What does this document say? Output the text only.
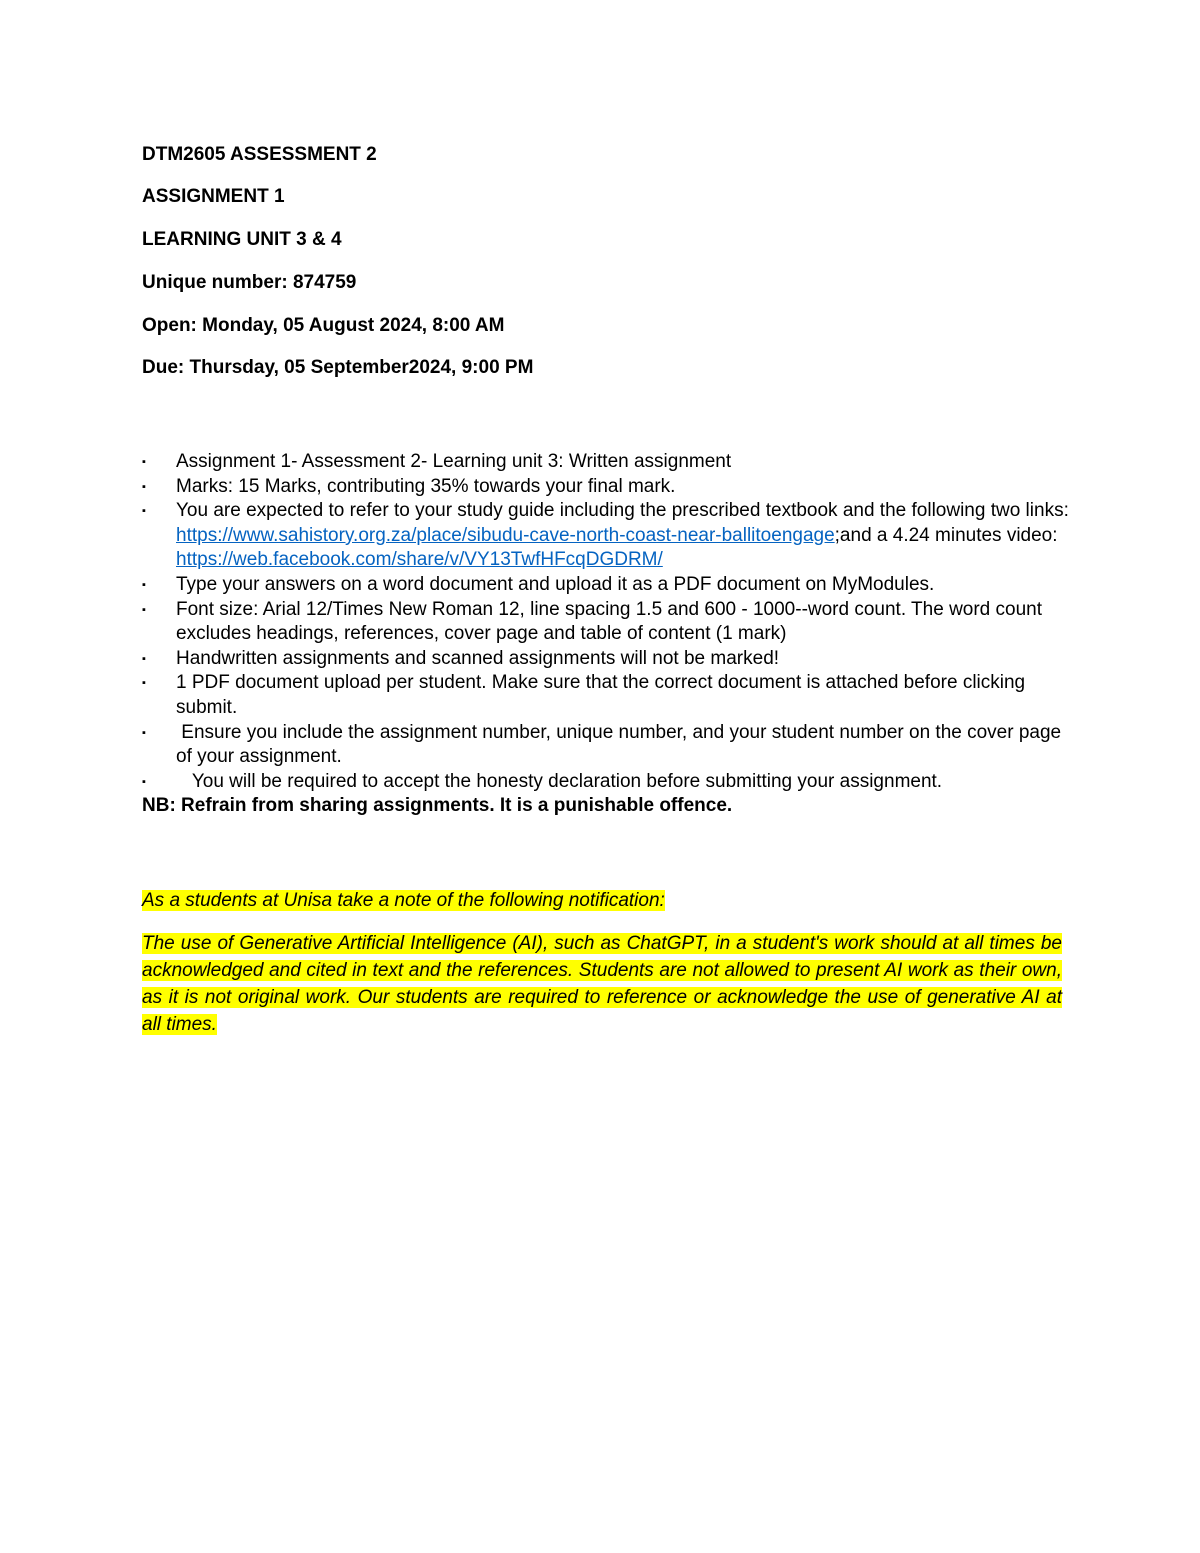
DTM2605 ASSESSMENT 2
ASSIGNMENT 1
LEARNING UNIT 3 & 4
Unique number: 874759
Open: Monday, 05 August 2024, 8:00 AM
Due: Thursday, 05 September2024, 9:00 PM
▪ Assignment 1- Assessment 2- Learning unit 3: Written assignment
▪ Marks: 15 Marks, contributing 35% towards your final mark.
▪ You are expected to refer to your study guide including the prescribed textbook and the following two links: https://www.sahistory.org.za/place/sibudu-cave-north-coast-near-ballitoengage;and a 4.24 minutes video:
https://web.facebook.com/share/v/VY13TwfHFcqDGDRM/
▪ Type your answers on a word document and upload it as a PDF document on MyModules.
▪ Font size: Arial 12/Times New Roman 12, line spacing 1.5 and 600 - 1000--word count. The word count excludes headings, references, cover page and table of content (1 mark)
▪ Handwritten assignments and scanned assignments will not be marked!
▪ 1 PDF document upload per student. Make sure that the correct document is attached before clicking submit.
▪ Ensure you include the assignment number, unique number, and your student number on the cover page of your assignment.
▪ You will be required to accept the honesty declaration before submitting your assignment.
NB: Refrain from sharing assignments. It is a punishable offence.
As a students at Unisa take a note of the following notification:
The use of Generative Artificial Intelligence (AI), such as ChatGPT, in a student's work should at all times be acknowledged and cited in text and the references. Students are not allowed to present AI work as their own, as it is not original work. Our students are required to reference or acknowledge the use of generative AI at all times.
